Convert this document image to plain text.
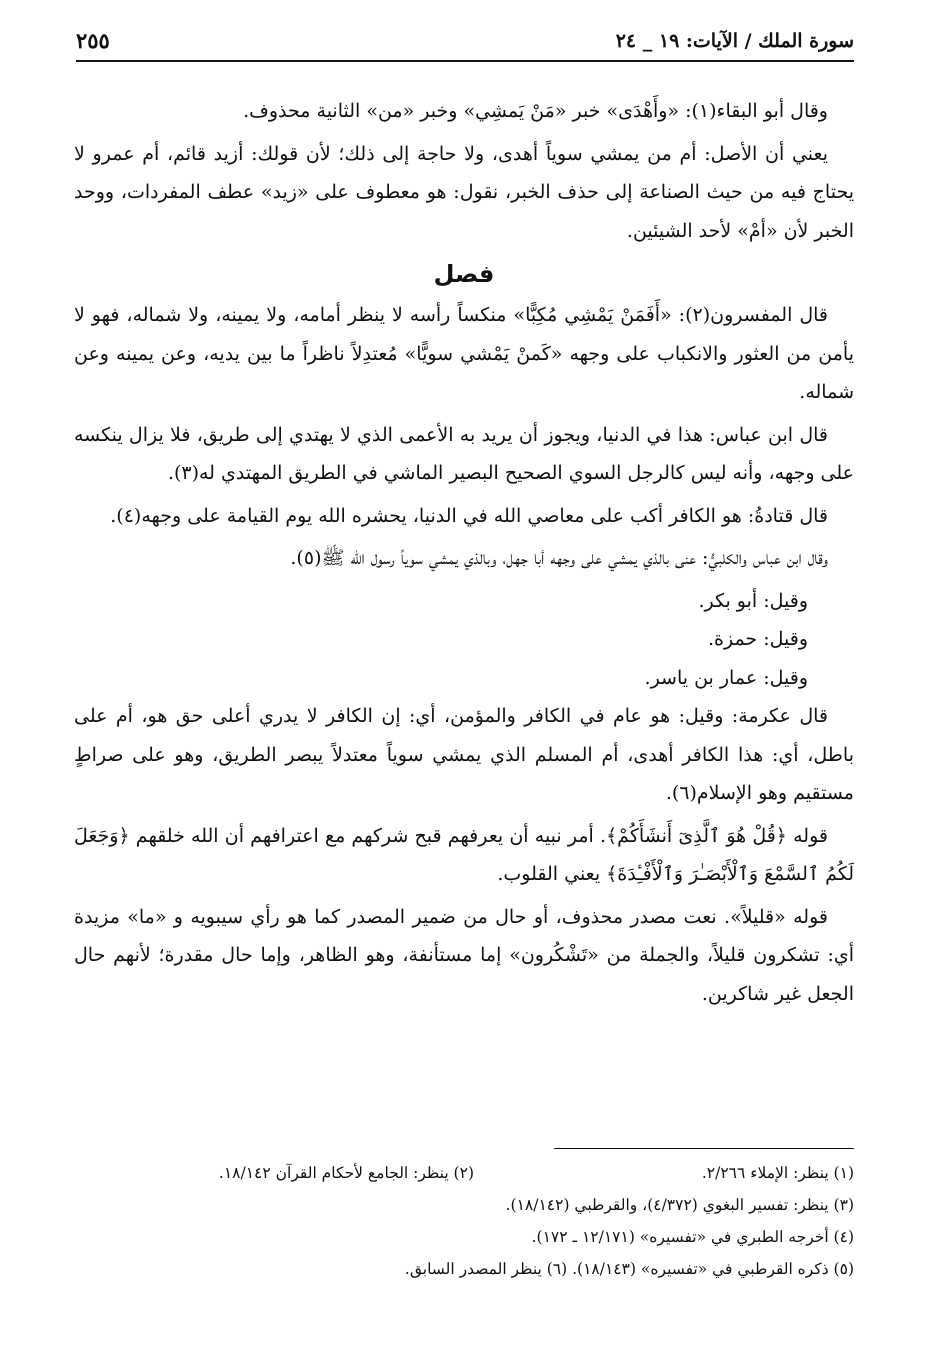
سورة الملك / الآيات: ١٩ _ ٢٤
٢٥٥

وقال أبو البقاء(١): «وأَهْدَى» خبر «مَنْ يَمشِي» وخبر «من» الثانية محذوف.

يعني أن الأصل: أم من يمشي سوياً أهدى، ولا حاجة إلى ذلك؛ لأن قولك: أزيد قائم، أم عمرو لا يحتاج فيه من حيث الصناعة إلى حذف الخبر، نقول: هو معطوف على «زيد» عطف المفردات، ووحد الخبر لأن «أمْ» لأحد الشيئين.

فصل

قال المفسرون(٢): «أَفَمَنْ يَمْشِي مُكِبًّا» منكساً رأسه لا ينظر أمامه، ولا يمينه، ولا شماله، فهو لا يأمن من العثور والانكباب على وجهه «كَمنْ يَمْشي سويًّا» مُعتدِلاً ناظراً ما بين يديه، وعن يمينه وعن شماله.

قال ابن عباس: هذا في الدنيا، ويجوز أن يريد به الأعمى الذي لا يهتدي إلى طريق، فلا يزال ينكسه على وجهه، وأنه ليس كالرجل السوي الصحيح البصير الماشي في الطريق المهتدي له(٣).

قال قتادةُ: هو الكافر أكب على معاصي الله في الدنيا، يحشره الله يوم القيامة على وجهه(٤).

وقال ابن عباس والكلبيُّ: عنى بالذي يمشي على وجهه أبا جهل، وبالذي يمشي سوياً رسول الله ﷺ(٥).

وقيل: أبو بكر.

وقيل: حمزة.

وقيل: عمار بن ياسر.

قال عكرمة: وقيل: هو عام في الكافر والمؤمن، أي: إن الكافر لا يدري أعلى حق هو، أم على باطل، أي: هذا الكافر أهدى، أم المسلم الذي يمشي سوياً معتدلاً يبصر الطريق، وهو على صراطٍ مستقيم وهو الإسلام(٦).

قوله ﴿قُلْ هُوَ ٱلَّذِىٓ أَنشَأَكُمْ﴾. أمر نبيه أن يعرفهم قبح شركهم مع اعترافهم أن الله خلقهم ﴿وَجَعَلَ لَكُمُ ٱلسَّمْعَ وَٱلْأَبْصَـٰرَ وَٱلْأَفْـِٔدَةَ﴾ يعني القلوب.

قوله «قليلاً». نعت مصدر محذوف، أو حال من ضمير المصدر كما هو رأي سيبويه و «ما» مزيدة أي: تشكرون قليلاً، والجملة من «تَشْكُرون» إما مستأنفة، وهو الظاهر، وإما حال مقدرة؛ لأنهم حال الجعل غير شاكرين.

(١) ينظر: الإملاء ٢/٢٦٦.
(٢) ينظر: الجامع لأحكام القرآن ١٨/١٤٢.
(٣) ينظر: تفسير البغوي (٤/٣٧٢)، والقرطبي (١٨/١٤٢).
(٤) أخرجه الطبري في «تفسيره» (١٢/١٧١ ـ ١٧٢).
(٥) ذكره القرطبي في «تفسيره» (١٨/١٤٣). (٦) ينظر المصدر السابق.
